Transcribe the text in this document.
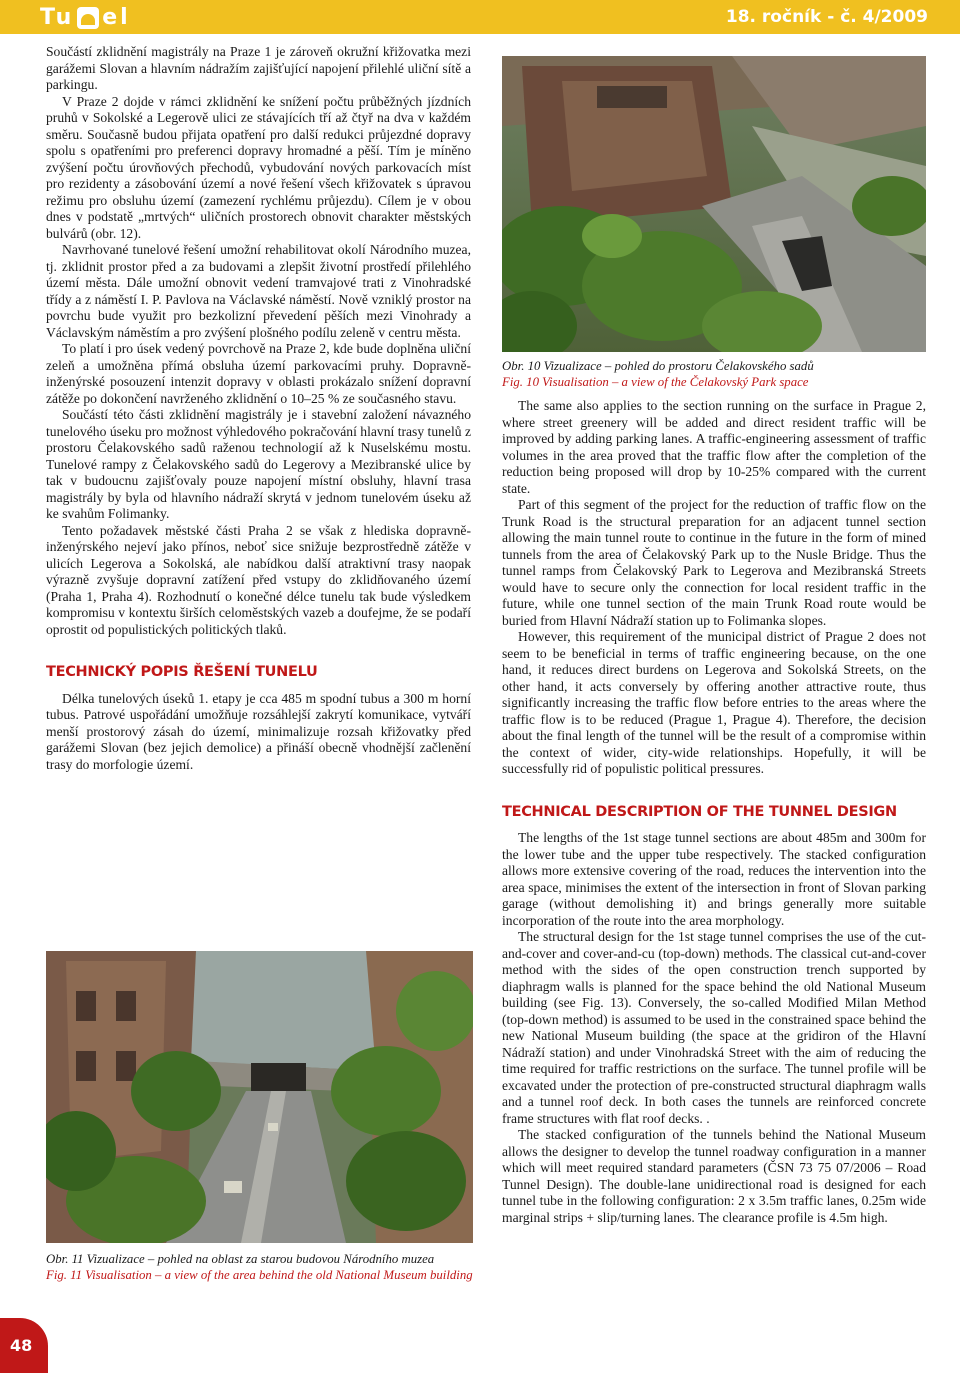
Tu el	18. ročník - č. 4/2009

Součástí zklidnění magistrály na Praze 1 je zároveň okružní křižovatka mezi garážemi Slovan a hlavním nádražím zajišťující napojení přilehlé uliční sítě a parkingu.

V Praze 2 dojde v rámci zklidnění ke snížení počtu průběžných jízdních pruhů v Sokolské a Legerově ulici ze stávajících tří až čtyř na dva v každém směru. Současně budou přijata opatření pro další redukci průjezdné dopravy spolu s opatřeními pro preferenci dopravy hromadné a pěší. Tím je míněno zvýšení počtu úrovňových přechodů, vybudování nových parkovacích míst pro rezidenty a zásobování území a nové řešení všech křižovatek s úpravou režimu pro obsluhu území (zamezení rychlému průjezdu). Cílem je v obou dnes v podstatě „mrtvých“ uličních prostorech obnovit charakter městských bulvárů (obr. 12).

Navrhované tunelové řešení umožní rehabilitovat okolí Národního muzea, tj. zklidnit prostor před a za budovami a zlepšit životní prostředí přilehlého území města. Dále umožní obnovit vedení tramvajové trati z Vinohradské třídy a z náměstí I. P. Pavlova na Václavské náměstí. Nově vzniklý prostor na povrchu bude využit pro bezkolizní převedení pěších mezi Vinohrady a Václavským náměstím a pro zvýšení plošného podílu zeleně v centru města.

To platí i pro úsek vedený povrchově na Praze 2, kde bude doplněna uliční zeleň a umožněna přímá obsluha území parkovacími pruhy. Dopravně-inženýrské posouzení intenzit dopravy v oblasti prokázalo snížení dopravní zátěže po dokončení navrženého zklidnění o 10–25 % ze současného stavu.

Součástí této části zklidnění magistrály je i stavební založení návazného tunelového úseku pro možnost výhledového pokračování hlavní trasy tunelů z prostoru Čelakovského sadů raženou technologií až k Nuselskému mostu. Tunelové rampy z Čelakovského sadů do Legerovy a Mezibranské ulice by tak v budoucnu zajišťovaly pouze napojení místní obsluhy, hlavní trasa magistrály by byla od hlavního nádraží skrytá v jednom tunelovém úseku až ke svahům Folimanky.

Tento požadavek městské části Praha 2 se však z hlediska dopravně-inženýrského nejeví jako přínos, neboť sice snižuje bezprostředně zátěže v ulicích Legerova a Sokolská, ale nabídkou další atraktivní trasy naopak výrazně zvyšuje dopravní zatížení před vstupy do zklidňovaného území (Praha 1, Praha 4). Rozhodnutí o konečné délce tunelu tak bude výsledkem kompromisu v kontextu širších celoměstských vazeb a doufejme, že se podaří oprostit od populistických politických tlaků.

TECHNICKÝ POPIS ŘEŠENÍ TUNELU

Délka tunelových úseků 1. etapy je cca 485 m spodní tubus a 300 m horní tubus. Patrové uspořádání umožňuje rozsáhlejší zakrytí komunikace, vytváří menší prostorový zásah do území, minimalizuje rozsah křižovatky před garážemi Slovan (bez jejich demolice) a přináší obecně vhodnější začlenění trasy do morfologie území.

Obr. 10 Vizualizace – pohled do prostoru Čelakovského sadů
Fig. 10 Visualisation – a view of the Čelakovský Park space

The same also applies to the section running on the surface in Prague 2, where street greenery will be added and direct resident traffic will be improved by adding parking lanes. A traffic-engineering assessment of traffic volumes in the area proved that the traffic flow after the completion of the reduction being proposed will drop by 10-25% compared with the current state.

Part of this segment of the project for the reduction of traffic flow on the Trunk Road is the structural preparation for an adjacent tunnel section allowing the main tunnel route to continue in the future in the form of mined tunnels from the area of Čelakovský Park up to the Nusle Bridge. Thus the tunnel ramps from Čelakovský Park to Legerova and Mezibranská Streets would have to secure only the connection for local resident traffic in the future, while one tunnel section of the main Trunk Road route would be buried from Hlavní Nádraží station up to Folimanka slopes.

However, this requirement of the municipal district of Prague 2 does not seem to be beneficial in terms of traffic engineering because, on the one hand, it reduces direct burdens on Legerova and Sokolská Streets, on the other hand, it acts conversely by offering another attractive route, thus significantly increasing the traffic flow before entries to the areas where the traffic flow is to be reduced (Prague 1, Prague 4). Therefore, the decision about the final length of the tunnel will be the result of a compromise within the context of wider, city-wide relationships. Hopefully, it will be successfully rid of populistic political pressures.

TECHNICAL DESCRIPTION OF THE TUNNEL DESIGN

The lengths of the 1st stage tunnel sections are about 485m and 300m for the lower tube and the upper tube respectively. The stacked configuration allows more extensive covering of the road, reduces the intervention into the area space, minimises the extent of the intersection in front of Slovan parking garage (without demolishing it) and brings generally more suitable incorporation of the route into the area morphology.

The structural design for the 1st stage tunnel comprises the use of the cut-and-cover and cover-and-cu (top-down) methods. The classical cut-and-cover method with the sides of the open construction trench supported by diaphragm walls is planned for the space behind the old National Museum building (see Fig. 13). Conversely, the so-called Modified Milan Method (top-down method) is assumed to be used in the constrained space behind the new National Museum building (the space at the gridiron of the Hlavní Nádraží station) and under Vinohradská Street with the aim of reducing the time required for traffic restrictions on the surface. The tunnel profile will be excavated under the protection of pre-constructed structural diaphragm walls and a tunnel roof deck. In both cases the tunnels are reinforced concrete frame structures with flat roof decks. .

The stacked configuration of the tunnels behind the National Museum allows the designer to develop the tunnel roadway configuration in a manner which will meet required standard parameters (ČSN 73 75 07/2006 – Road Tunnel Design). The double-lane unidirectional road is designed for each tunnel tube in the following configuration: 2 x 3.5m traffic lanes, 0.25m wide marginal strips + slip/turning lanes. The clearance profile is 4.5m high.

Obr. 11 Vizualizace – pohled na oblast za starou budovou Národního muzea
Fig. 11 Visualisation – a view of the area behind the old National Museum building
48
